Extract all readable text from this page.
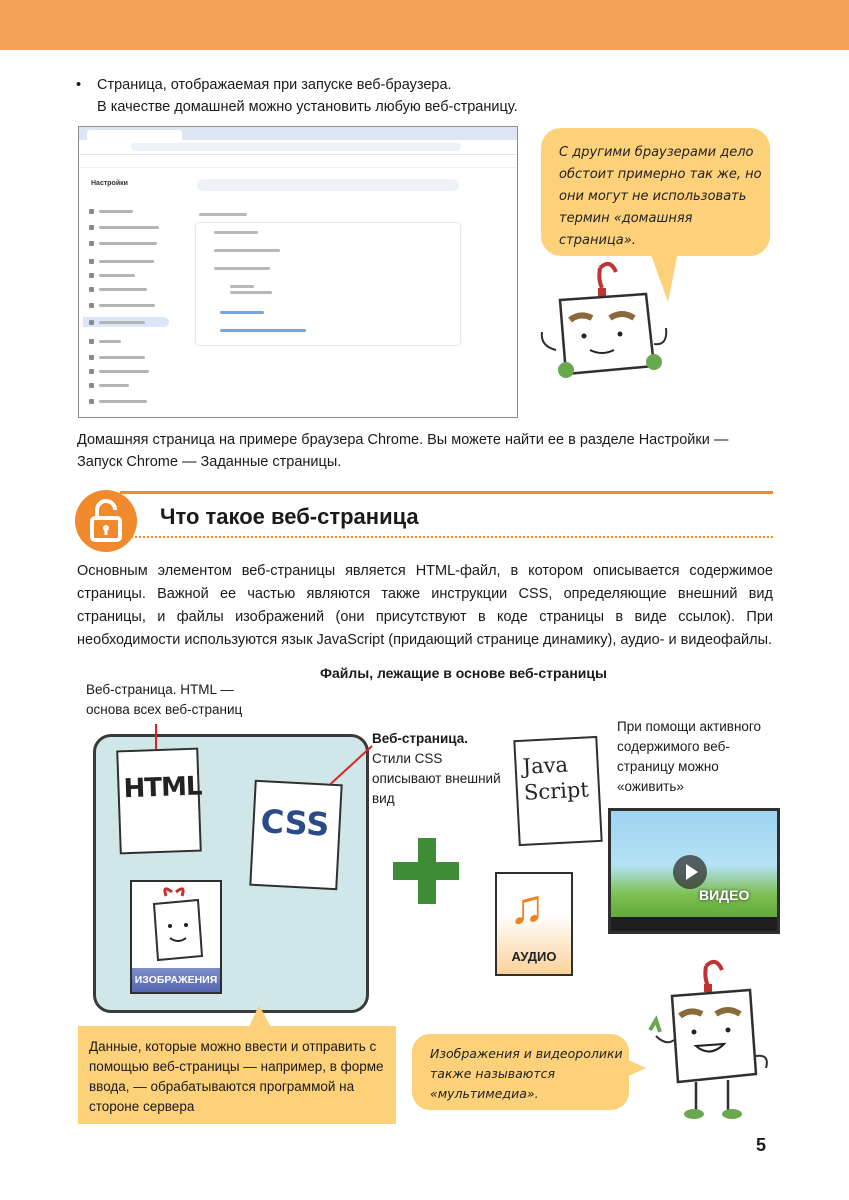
•	Страница, отображаемая при запуске веб-браузера.
В качестве домашней можно установить любую веб-страницу.
Настройки
С другими браузерами дело обстоит примерно так же, но они могут не использовать термин «домашняя страница».
Домашняя страница на примере браузера Chrome. Вы можете найти ее в разделе Настройки — Запуск Chrome — Заданные страницы.
Что такое веб-страница
Основным элементом веб-страницы является HTML-файл, в котором описывается содержимое страницы. Важной ее частью являются также инструкции CSS, определяющие внешний вид страницы, и файлы изображений (они присутствуют в коде страницы в виде ссылок). При необходимости используются язык JavaScript (придающий странице динамику), аудио- и видеофайлы.
Файлы, лежащие в основе веб-страницы
Веб-страница. HTML —
основа всех веб-страниц
Веб-страница.
Стили CSS описывают внешний вид
При помощи активного содержимого веб-страницу можно «оживить»
HTML
CSS
ИЗОБРАЖЕНИЯ
Java
Script
♫
АУДИО
ВИДЕО
Данные, которые можно ввести и отправить с помощью веб-страницы — например, в форме ввода, — обрабатываются программой на стороне сервера
Изображения и видеоролики также называются «мультимедиа».
5
